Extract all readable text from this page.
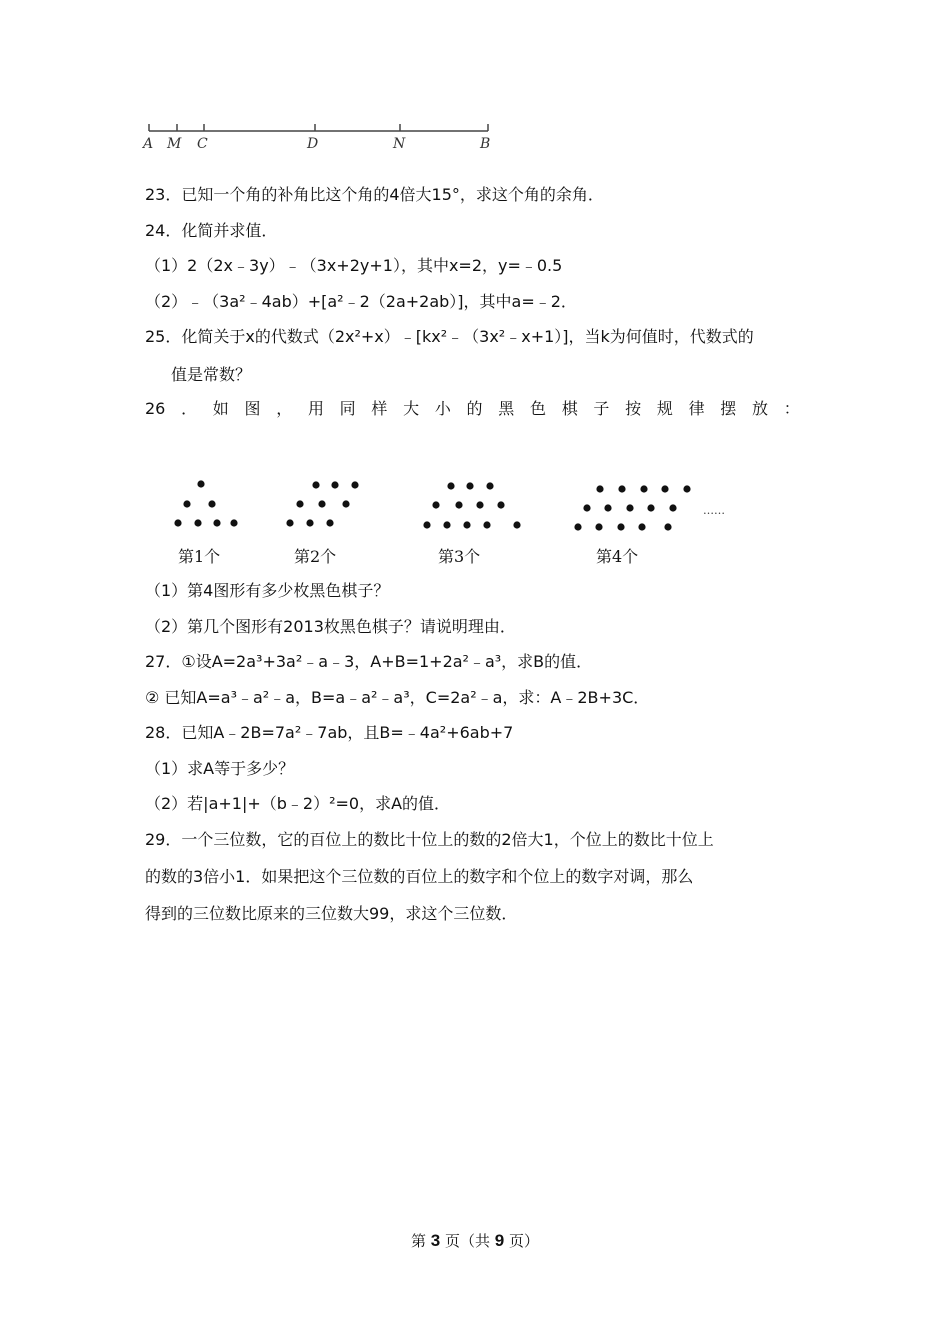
A M C	D	N	B
23．已知一个角的补角比这个角的4倍大15°，求这个角的余角．
24．化简并求值．
（1）2（2x﹣3y）﹣（3x+2y+1），其中x=2，y=﹣0.5
（2）﹣（3a²﹣4ab）+[a²﹣2（2a+2ab）]，其中a=﹣2．
25．化简关于x的代数式（2x²+x）﹣[kx²﹣（3x²﹣x+1）]，当k为何值时，代数式的
值是常数？
26 ． 如 图 ， 用 同 样 大 小 的 黑 色 棋 子 按 规 律 摆 放 ：
……
第1个	第2个	第3个	第4个
（1）第4图形有多少枚黑色棋子？
（2）第几个图形有2013枚黑色棋子？请说明理由．
27．①设A=2a³+3a²﹣a﹣3，A+B=1+2a²﹣a³，求B的值．
② 已知A=a³﹣a²﹣a，B=a﹣a²﹣a³，C=2a²﹣a，求：A﹣2B+3C．
28．已知A﹣2B=7a²﹣7ab，且B=﹣4a²+6ab+7
（1）求A等于多少？
（2）若|a+1|+（b﹣2）²=0，求A的值．
29．一个三位数，它的百位上的数比十位上的数的2倍大1，个位上的数比十位上
的数的3倍小1．如果把这个三位数的百位上的数字和个位上的数字对调，那么
得到的三位数比原来的三位数大99，求这个三位数．
第 3 页（共 9 页）
